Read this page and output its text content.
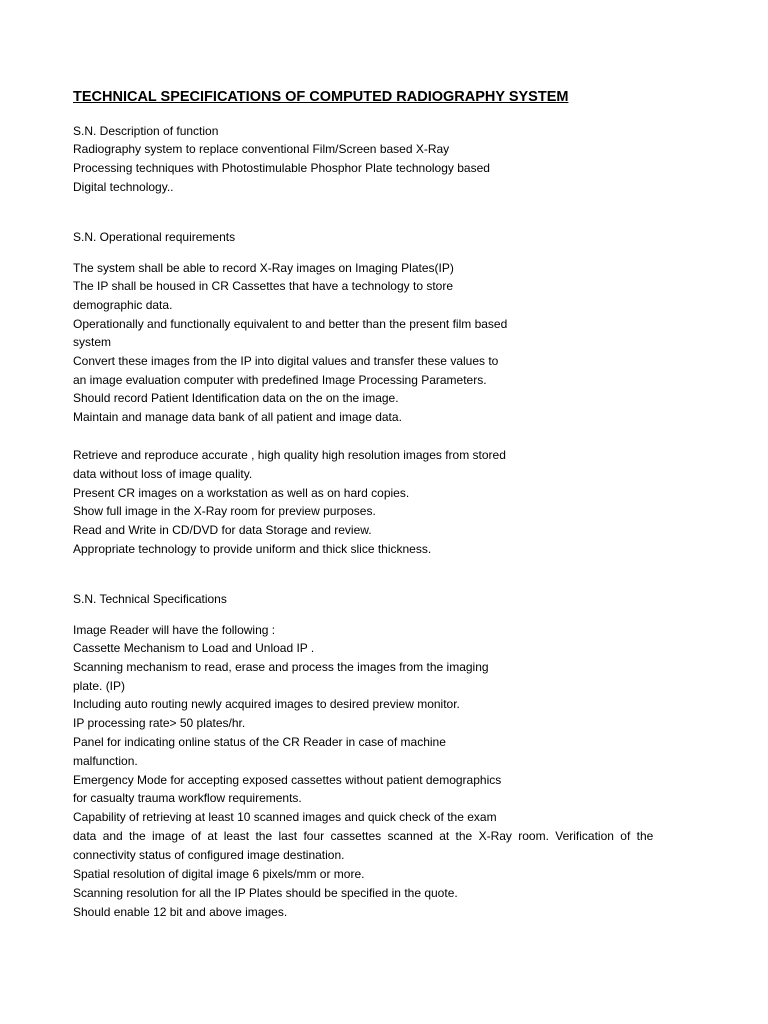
TECHNICAL SPECIFICATIONS OF COMPUTED RADIOGRAPHY SYSTEM
S.N. Description of function
Radiography system to replace conventional Film/Screen based X-Ray
Processing techniques with Photostimulable Phosphor Plate technology based
Digital technology..
S.N. Operational requirements
The system shall be able to record X-Ray images on Imaging Plates(IP)
The IP shall be housed in CR Cassettes that have a technology to store
demographic data.
Operationally and functionally equivalent to and better than the present film based
system
Convert these images from the IP into digital values and transfer these values to
an image evaluation computer with predefined Image Processing Parameters.
Should record Patient Identification data on the on the image.
Maintain and manage data bank of all patient and image data.
Retrieve and reproduce accurate , high quality high resolution images from stored
data without loss of image quality.
Present CR images on a workstation as well as on hard copies.
Show full image in the X-Ray room for preview purposes.
Read and Write in CD/DVD for data Storage and review.
Appropriate technology to provide uniform and thick slice thickness.
S.N. Technical Specifications
Image Reader will have the following :
Cassette Mechanism to Load and Unload IP .
Scanning mechanism to read, erase and process the images from the imaging
plate. (IP)
Including auto routing newly acquired images to desired preview monitor.
IP processing rate> 50 plates/hr.
Panel for indicating online status of the CR Reader in case of machine
malfunction.
Emergency Mode for accepting exposed cassettes without patient demographics
for casualty trauma workflow requirements.
Capability of retrieving at least 10 scanned images and quick check of the exam
data and the image of at least the last four cassettes scanned at the X-Ray room. Verification of the
connectivity status of configured image destination.
Spatial resolution of digital image 6 pixels/mm or more.
Scanning resolution for all the IP Plates should be specified in the quote.
Should enable 12 bit and above images.
